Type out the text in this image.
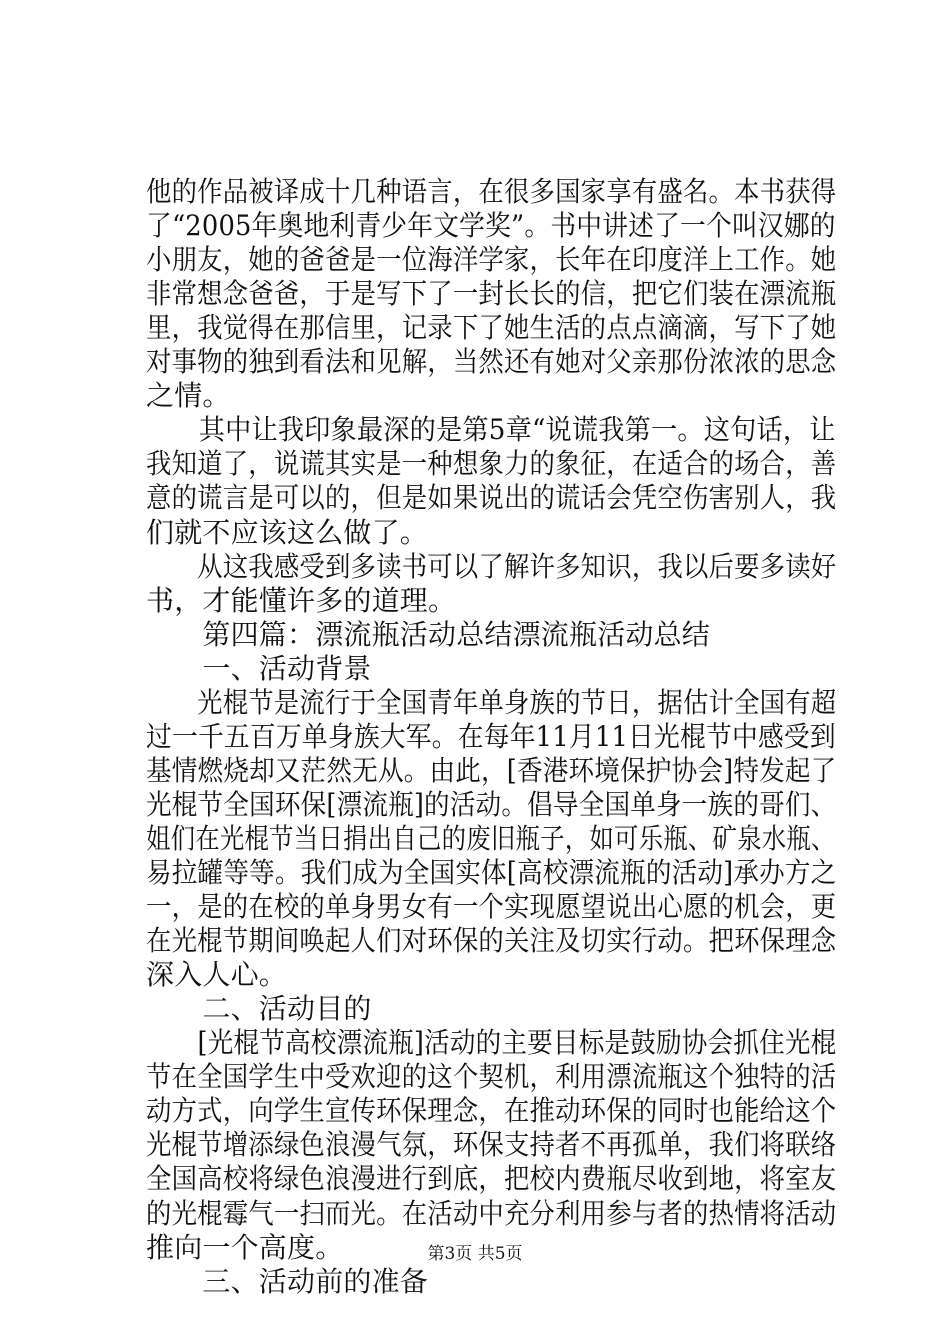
他的作品被译成十几种语言，在很多国家享有盛名。本书获得
了“2005年奥地利青少年文学奖”。书中讲述了一个叫汉娜的
小朋友，她的爸爸是一位海洋学家，长年在印度洋上工作。她
非常想念爸爸，于是写下了一封长长的信，把它们装在漂流瓶
里，我觉得在那信里，记录下了她生活的点点滴滴，写下了她
对事物的独到看法和见解，当然还有她对父亲那份浓浓的思念
之情。
　　其中让我印象最深的是第5章“说谎我第一。这句话，让
我知道了，说谎其实是一种想象力的象征，在适合的场合，善
意的谎言是可以的，但是如果说出的谎话会凭空伤害别人，我
们就不应该这么做了。
　　从这我感受到多读书可以了解许多知识，我以后要多读好
书，才能懂许多的道理。
　　第四篇：漂流瓶活动总结漂流瓶活动总结
　　一、活动背景
　　光棍节是流行于全国青年单身族的节日，据估计全国有超
过一千五百万单身族大军。在每年11月11日光棍节中感受到
基情燃烧却又茫然无从。由此，[香港环境保护协会]特发起了
光棍节全国环保[漂流瓶]的活动。倡导全国单身一族的哥们、
姐们在光棍节当日捐出自己的废旧瓶子，如可乐瓶、矿泉水瓶、
易拉罐等等。我们成为全国实体[高校漂流瓶的活动]承办方之
一，是的在校的单身男女有一个实现愿望说出心愿的机会，更
在光棍节期间唤起人们对环保的关注及切实行动。把环保理念
深入人心。
　　二、活动目的
　　[光棍节高校漂流瓶]活动的主要目标是鼓励协会抓住光棍
节在全国学生中受欢迎的这个契机，利用漂流瓶这个独特的活
动方式，向学生宣传环保理念，在推动环保的同时也能给这个
光棍节增添绿色浪漫气氛，环保支持者不再孤单，我们将联络
全国高校将绿色浪漫进行到底，把校内费瓶尽收到地，将室友
的光棍霉气一扫而光。在活动中充分利用参与者的热情将活动
推向一个高度。
　　三、活动前的准备
第3页 共5页
